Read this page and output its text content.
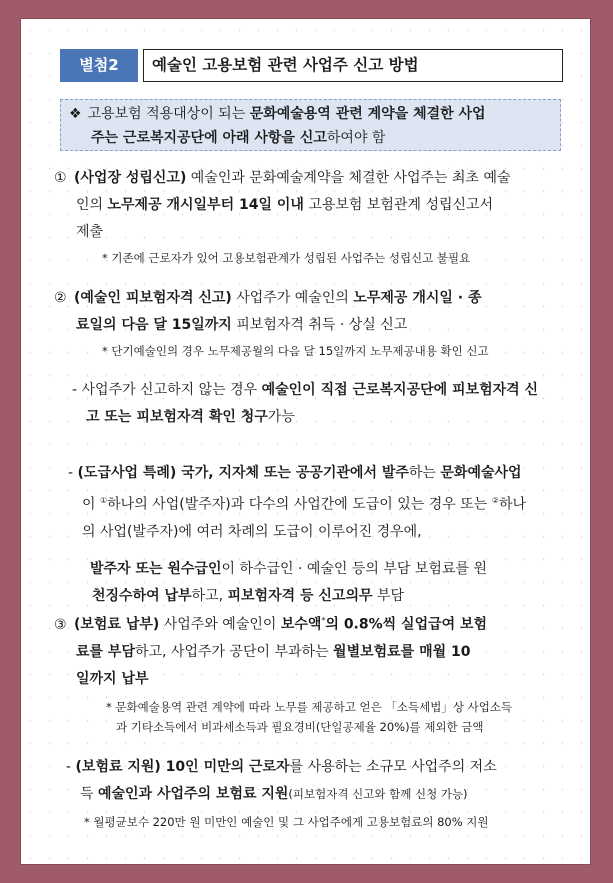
별첨2	예술인 고용보험 관련 사업주 신고 방법
❖ 고용보험 적용대상이 되는 문화예술용역 관련 계약을 체결한 사업
주는 근로복지공단에 아래 사항을 신고하여야 함
① (사업장 성립신고) 예술인과 문화예술계약을 체결한 사업주는 최초 예술
인의 노무제공 개시일부터 14일 이내 고용보험 보험관계 성립신고서
제출
* 기존에 근로자가 있어 고용보험관계가 성립된 사업주는 성립신고 불필요
② (예술인 피보험자격 신고) 사업주가 예술인의 노무제공 개시일 · 종
료일의 다음 달 15일까지 피보험자격 취득 · 상실 신고
* 단기예술인의 경우 노무제공월의 다음 달 15일까지 노무제공내용 확인 신고
- 사업주가 신고하지 않는 경우 예술인이 직접 근로복지공단에 피보험자격 신
고 또는 피보험자격 확인 청구가능
- (도급사업 특례) 국가, 지자체 또는 공공기관에서 발주하는 문화예술사업
이 ①하나의 사업(발주자)과 다수의 사업간에 도급이 있는 경우 또는 ②하나
의 사업(발주자)에 여러 차례의 도급이 이루어진 경우에,
발주자 또는 원수급인이 하수급인 · 예술인 등의 부담 보험료를 원
천징수하여 납부하고, 피보험자격 등 신고의무 부담
③ (보험료 납부) 사업주와 예술인이 보수액*의 0.8%씩 실업급여 보험
료를 부담하고, 사업주가 공단이 부과하는 월별보험료를 매월 10
일까지 납부
* 문화예술용역 관련 계약에 따라 노무를 제공하고 얻은 「소득세법」상 사업소득
과 기타소득에서 비과세소득과 필요경비(단일공제율 20%)를 제외한 금액
- (보험료 지원) 10인 미만의 근로자를 사용하는 소규모 사업주의 저소
득 예술인과 사업주의 보험료 지원(피보험자격 신고와 함께 신청 가능)
* 월평균보수 220만 원 미만인 예술인 및 그 사업주에게 고용보험료의 80% 지원
